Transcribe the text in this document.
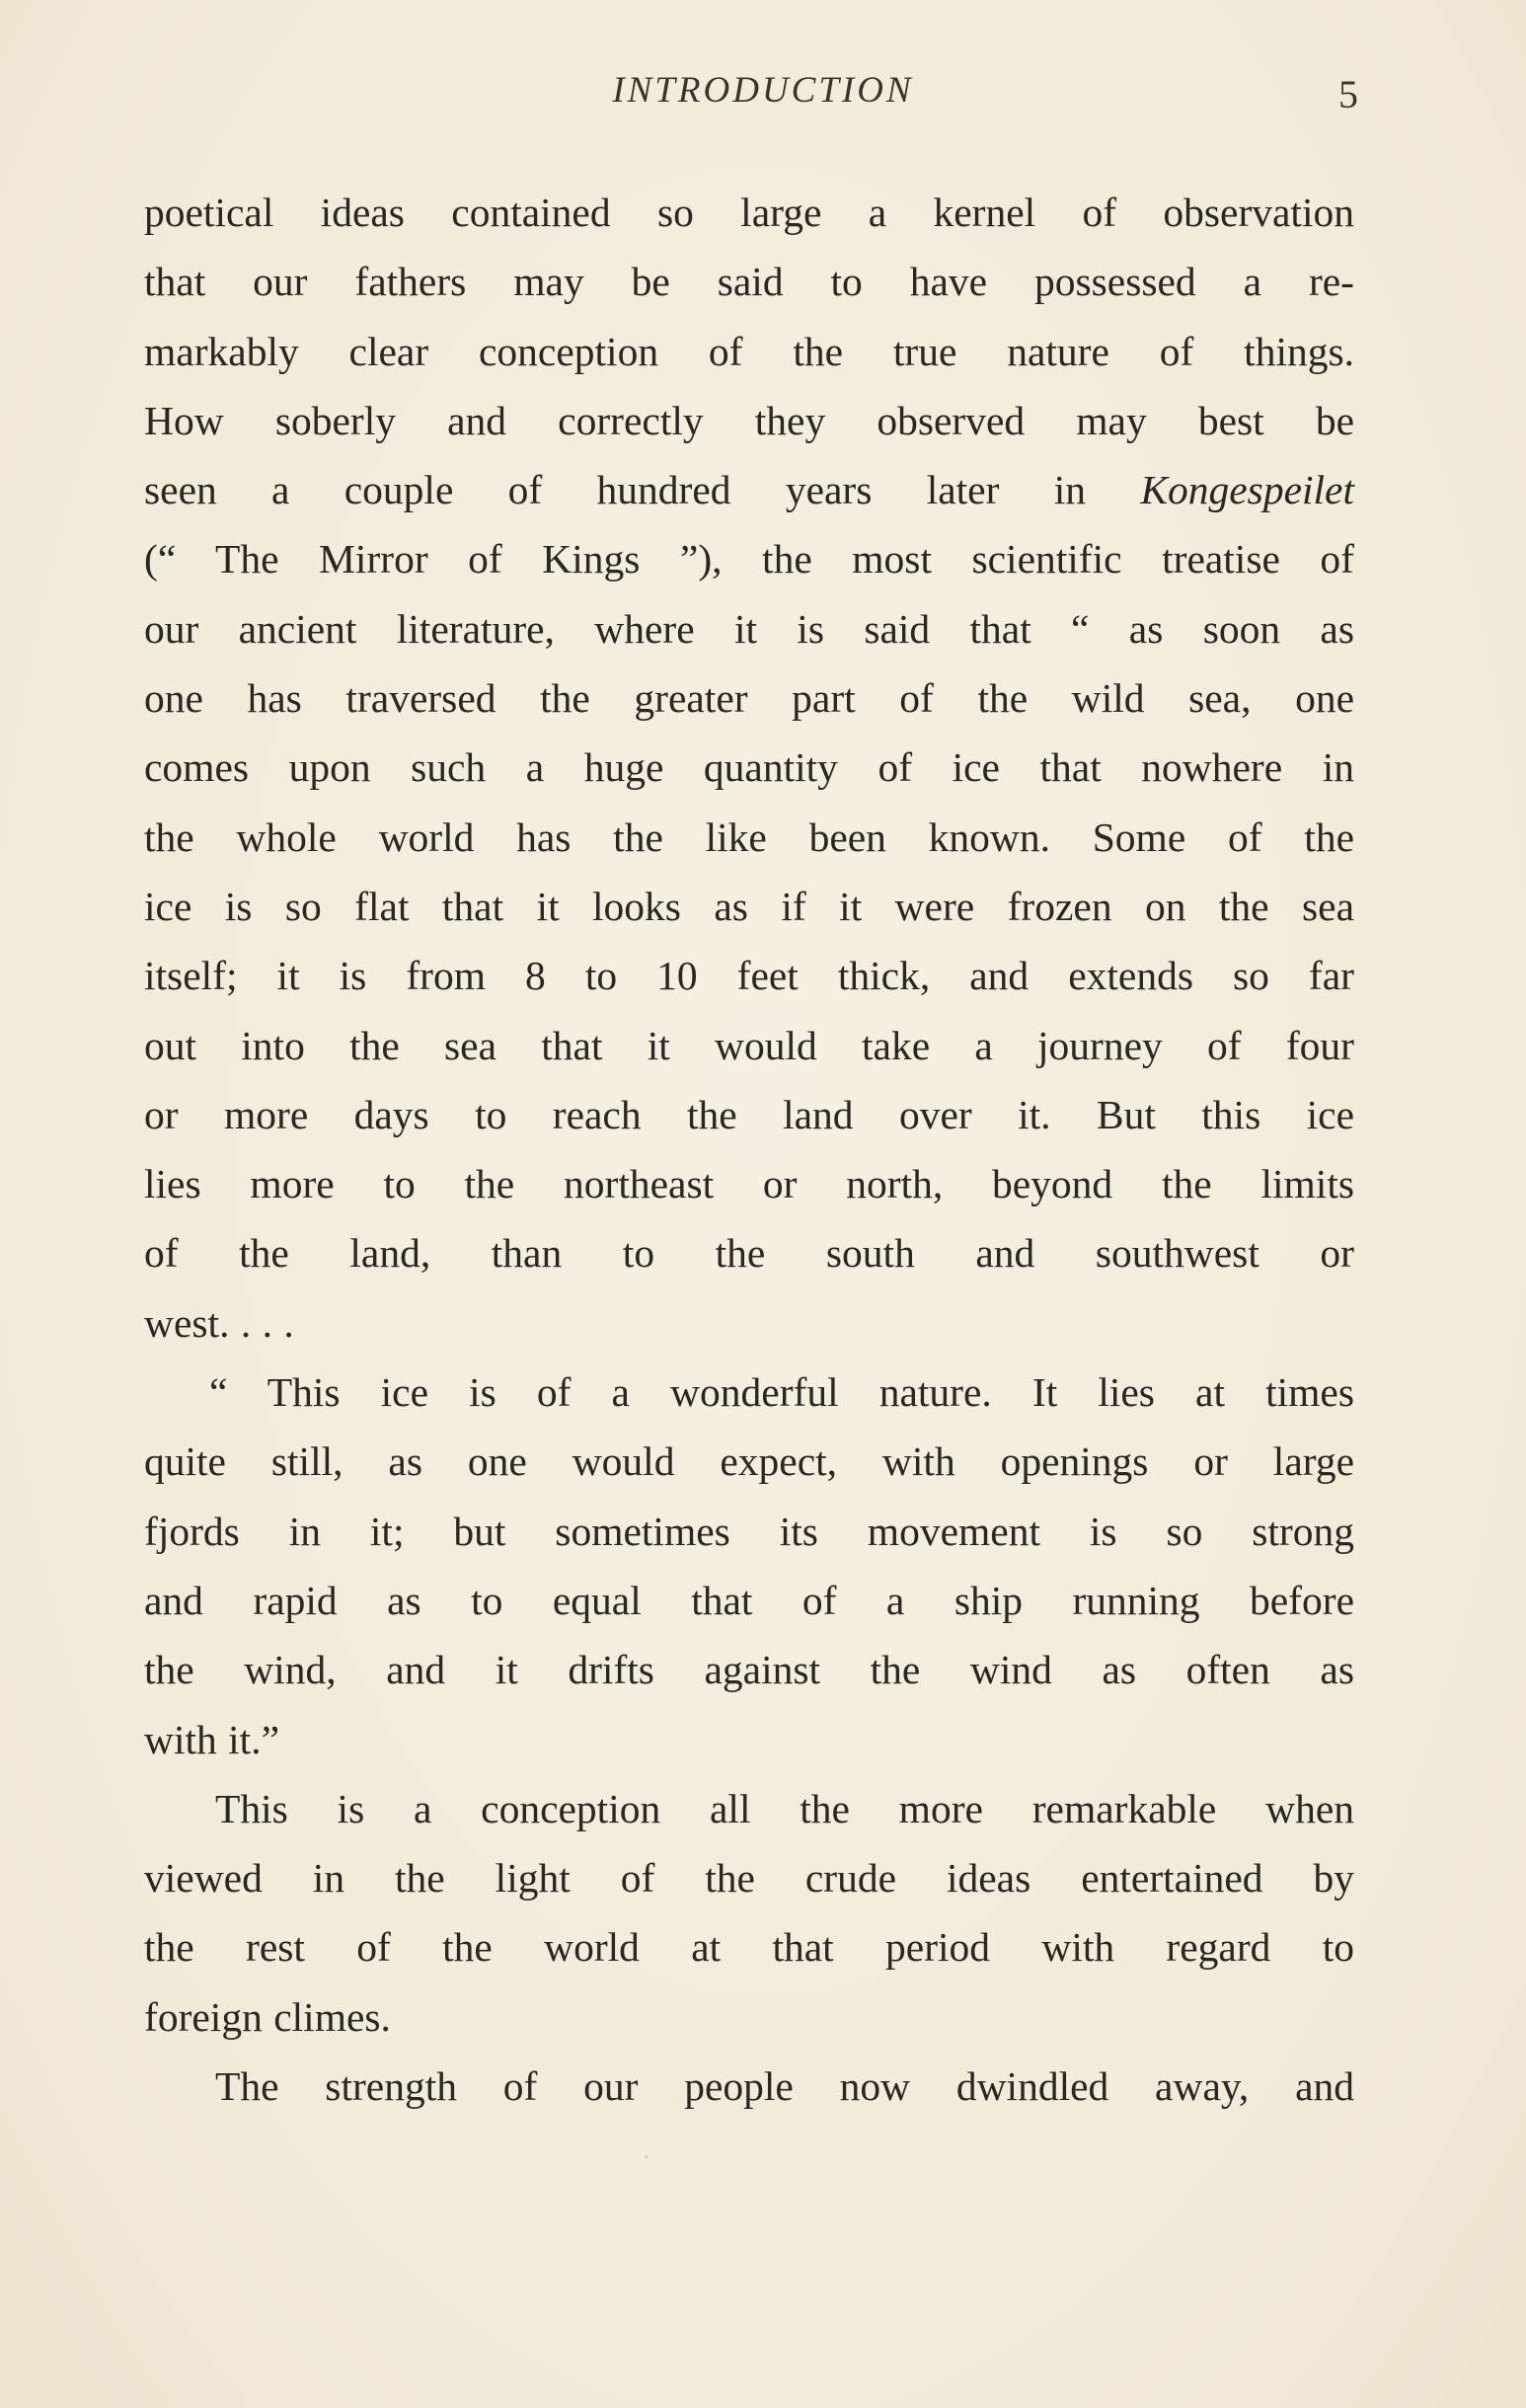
INTRODUCTION	5
poetical ideas contained so large a kernel of observation
that our fathers may be said to have possessed a re-
markably clear conception of the true nature of things.
How soberly and correctly they observed may best be
seen a couple of hundred years later in Kongespeilet
(“ The Mirror of Kings ”), the most scientific treatise of
our ancient literature, where it is said that “ as soon as
one has traversed the greater part of the wild sea, one
comes upon such a huge quantity of ice that nowhere in
the whole world has the like been known. Some of the
ice is so flat that it looks as if it were frozen on the sea
itself; it is from 8 to 10 feet thick, and extends so far
out into the sea that it would take a journey of four
or more days to reach the land over it. But this ice
lies more to the northeast or north, beyond the limits
of the land, than to the south and southwest or
west. . . .
“ This ice is of a wonderful nature. It lies at times
quite still, as one would expect, with openings or large
fjords in it; but sometimes its movement is so strong
and rapid as to equal that of a ship running before
the wind, and it drifts against the wind as often as
with it.”
This is a conception all the more remarkable when
viewed in the light of the crude ideas entertained by
the rest of the world at that period with regard to
foreign climes.
The strength of our people now dwindled away, and
